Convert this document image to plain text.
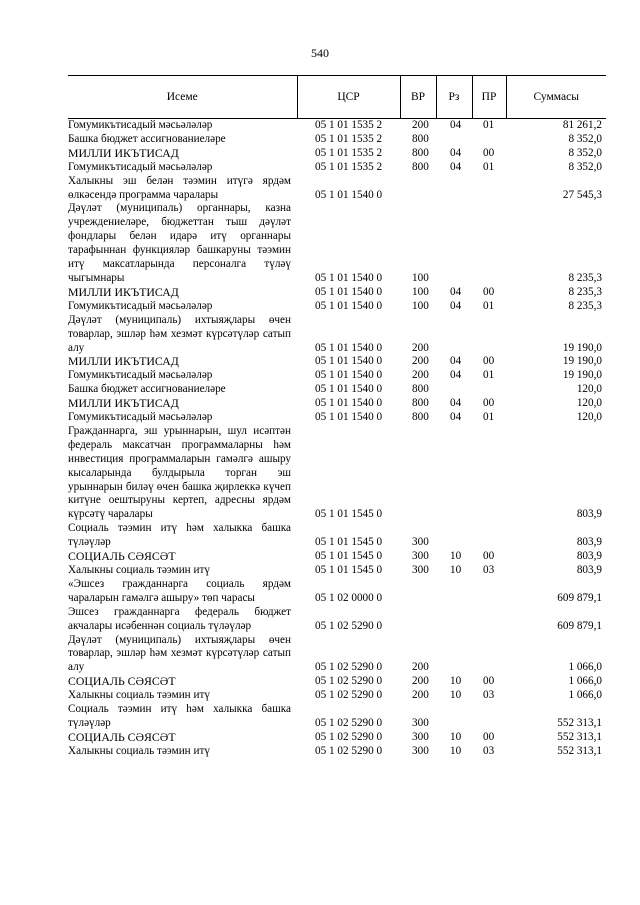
540
Исеме	ЦСР	ВР	Рз	ПР	Суммасы
Гомумикътисадый мәсьәләләр	05 1 01 1535 2	200	04	01	81 261,2
Башка бюджет ассигнованиеләре	05 1 01 1535 2	800			8 352,0
МИЛЛИ ИКЪТИСАД	05 1 01 1535 2	800	04	00	8 352,0
Гомумикътисадый мәсьәләләр	05 1 01 1535 2	800	04	01	8 352,0
Халыкны эш белән тәэмин итүгә ярдәм өлкәсендә программа чаралары	05 1 01 1540 0				27 545,3
Дәүләт (муниципаль) органнары, казна учреждениеләре, бюджеттан тыш дәүләт фондлары белән идарә итү органнары тарафыннан функцияләр башкаруны тәэмин итү максатларында персоналга түләү чыгымнары	05 1 01 1540 0	100			8 235,3
МИЛЛИ ИКЪТИСАД	05 1 01 1540 0	100	04	00	8 235,3
Гомумикътисадый мәсьәләләр	05 1 01 1540 0	100	04	01	8 235,3
Дәүләт (муниципаль) ихтыяҗлары өчен товарлар, эшләр һәм хезмәт күрсәтүләр сатып алу	05 1 01 1540 0	200			19 190,0
МИЛЛИ ИКЪТИСАД	05 1 01 1540 0	200	04	00	19 190,0
Гомумикътисадый мәсьәләләр	05 1 01 1540 0	200	04	01	19 190,0
Башка бюджет ассигнованиеләре	05 1 01 1540 0	800			120,0
МИЛЛИ ИКЪТИСАД	05 1 01 1540 0	800	04	00	120,0
Гомумикътисадый мәсьәләләр	05 1 01 1540 0	800	04	01	120,0
Гражданнарга, эш урыннарын, шул исәптән федераль максатчан программаларны һәм инвестиция программаларын гамәлгә ашыру кысаларында булдырыла торган эш урыннарын биләү өчен башка җирлеккә күчеп китүне оештыруны кертеп, адресны ярдәм күрсәтү чаралары	05 1 01 1545 0				803,9
Социаль тәэмин итү һәм халыкка башка түләүләр	05 1 01 1545 0	300			803,9
СОЦИАЛЬ СӘЯСӘТ	05 1 01 1545 0	300	10	00	803,9
Халыкны социаль тәэмин итү	05 1 01 1545 0	300	10	03	803,9
«Эшсез гражданнарга социаль ярдәм чараларын гамәлгә ашыру» төп чарасы	05 1 02 0000 0				609 879,1
Эшсез гражданнарга федераль бюджет акчалары исәбеннән социаль түләүләр	05 1 02 5290 0				609 879,1
Дәүләт (муниципаль) ихтыяҗлары өчен товарлар, эшләр һәм хезмәт күрсәтүләр сатып алу	05 1 02 5290 0	200			1 066,0
СОЦИАЛЬ СӘЯСӘТ	05 1 02 5290 0	200	10	00	1 066,0
Халыкны социаль тәэмин итү	05 1 02 5290 0	200	10	03	1 066,0
Социаль тәэмин итү һәм халыкка башка түләүләр	05 1 02 5290 0	300			552 313,1
СОЦИАЛЬ СӘЯСӘТ	05 1 02 5290 0	300	10	00	552 313,1
Халыкны социаль тәэмин итү	05 1 02 5290 0	300	10	03	552 313,1
